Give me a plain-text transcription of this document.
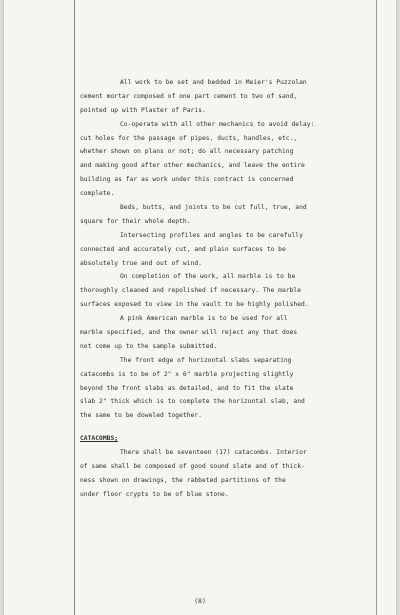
All work to be set and bedded in Meier's Puzzolan
cement mortar composed of one part cement to two of sand,
pointed up with Plaster of Paris.
Co-operate with all other mechanics to avoid delay:
cut holes for the passage of pipes, ducts, handles, etc.,
whether shown on plans or not; do all necessary patching
and making good after other mechanics, and leave the entire
building as far as work under this contract is concerned
complete.
Beds, butts, and joints to be cut full, true, and
square for their whole depth.
Intersecting profiles and angles to be carefully
connected and accurately cut, and plain surfaces to be
absolutely true and out of wind.
On completion of the work, all marble is to be
thoroughly cleaned and repolished if necessary. The marble
surfaces exposed to view in the vault to be highly polished.
A pink American marble is to be used for all
marble specified, and the owner will reject any that does
not come up to the sample submitted.
The front edge of horizontal slabs separating
catacombs is to be of 2" x 6" marble projecting slightly
beyond the front slabs as detailed, and to fit the slate
slab 2" thick which is to complete the horizontal slab, and
the same to be doweled together.
CATACOMBS;
There shall be seventeen (17) catacombs. Interior
of same shall be composed of good sound slate and of thick-
ness shown on drawings, the rabbeted partitions of the
under floor crypts to be of blue stone.
(8)
